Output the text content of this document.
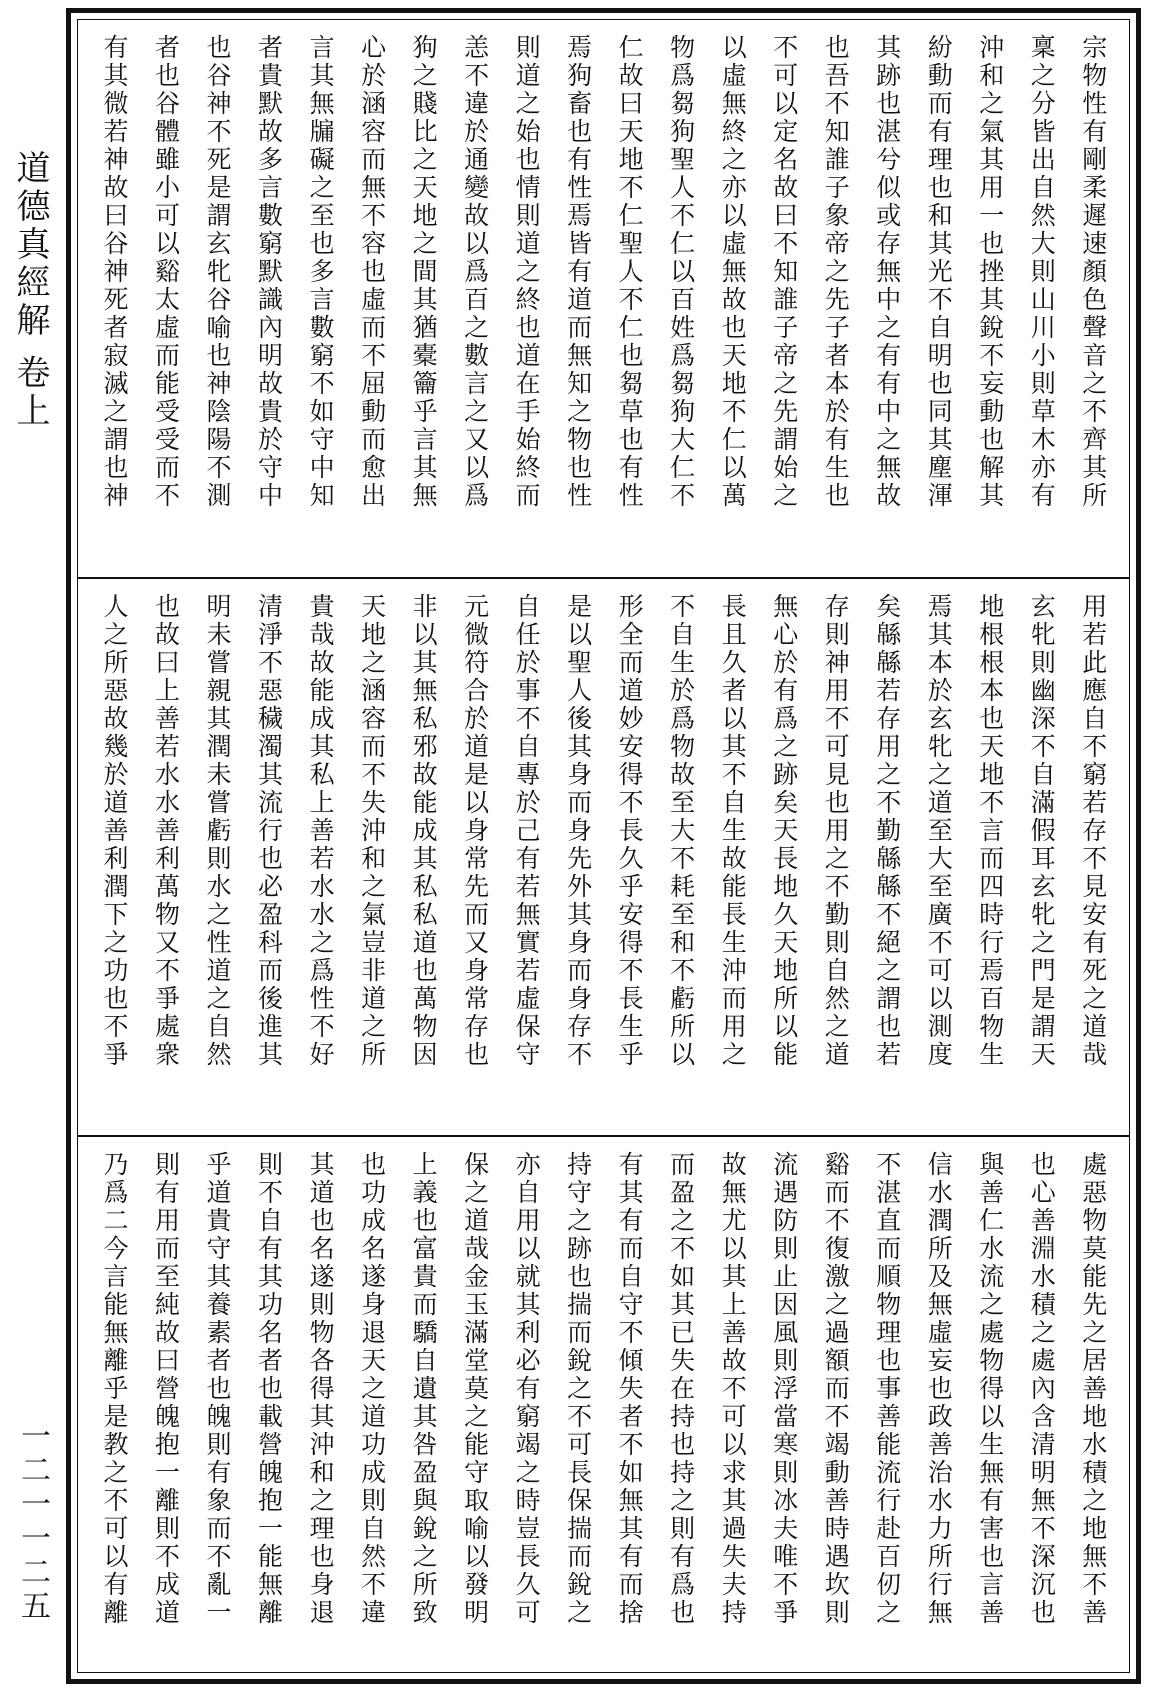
道德真經解 卷上
一二一一二五
宗物性有剛柔遲速顏色聲音之不齊其所
稟之分皆出自然大則山川小則草木亦有
沖和之氣其用一也挫其銳不妄動也解其
紛動而有理也和其光不自明也同其塵渾
其跡也湛兮似或存無中之有有中之無故
也吾不知誰子象帝之先子者本於有生也
不可以定名故曰不知誰子帝之先謂始之
以虛無終之亦以虛無故也天地不仁以萬
物爲芻狗聖人不仁以百姓爲芻狗大仁不
仁故曰天地不仁聖人不仁也芻草也有性
焉狗畜也有性焉皆有道而無知之物也性
則道之始也情則道之終也道在手始終而
恙不違於通變故以爲百之數言之又以爲
狗之賤比之天地之間其猶橐籥乎言其無
心於涵容而無不容也虛而不屈動而愈出
言其無牖礙之至也多言數窮不如守中知
者貴默故多言數窮默識內明故貴於守中
也谷神不死是謂玄牝谷喻也神陰陽不測
者也谷體雖小可以谿太虛而能受受而不
有其微若神故曰谷神死者寂滅之謂也神
用若此應自不窮若存不見安有死之道哉
玄牝則幽深不自滿假耳玄牝之門是謂天
地根根本也天地不言而四時行焉百物生
焉其本於玄牝之道至大至廣不可以測度
矣緜緜若存用之不勤緜緜不絕之謂也若
存則神用不可見也用之不勤則自然之道
無心於有爲之跡矣天長地久天地所以能
長且久者以其不自生故能長生沖而用之
不自生於爲物故至大不耗至和不虧所以
形全而道妙安得不長久乎安得不長生乎
是以聖人後其身而身先外其身而身存不
自任於事不自專於己有若無實若虛保守
元微符合於道是以身常先而又身常存也
非以其無私邪故能成其私私道也萬物因
天地之涵容而不失沖和之氣豈非道之所
貴哉故能成其私上善若水水之爲性不好
清淨不惡穢濁其流行也必盈科而後進其
明未嘗親其潤未嘗虧則水之性道之自然
也故曰上善若水水善利萬物又不爭處衆
人之所惡故幾於道善利潤下之功也不爭
處惡物莫能先之居善地水積之地無不善
也心善淵水積之處內含清明無不深沉也
與善仁水流之處物得以生無有害也言善
信水潤所及無虛妄也政善治水力所行無
不湛直而順物理也事善能流行赴百仞之
谿而不復激之過額而不竭動善時遇坎則
流遇防則止因風則浮當寒則冰夫唯不爭
故無尤以其上善故不可以求其過失夫持
而盈之不如其已失在持也持之則有爲也
有其有而自守不傾失者不如無其有而捨
持守之跡也揣而銳之不可長保揣而銳之
亦自用以就其利必有窮竭之時豈長久可
保之道哉金玉滿堂莫之能守取喻以發明
上義也富貴而驕自遺其咎盈與銳之所致
也功成名遂身退天之道功成則自然不違
其道也名遂則物各得其沖和之理也身退
則不自有其功名者也載營魄抱一能無離
乎道貴守其養素者也魄則有象而不亂一
則有用而至純故曰營魄抱一離則不成道
乃爲二今言能無離乎是教之不可以有離
